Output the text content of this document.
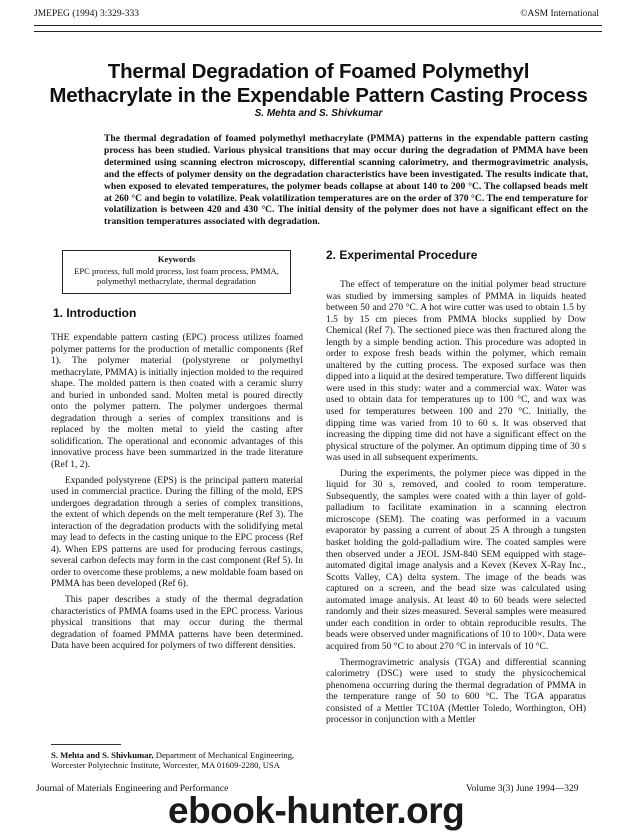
JMEPEG (1994) 3:329-333	©ASM International
Thermal Degradation of Foamed Polymethyl
Methacrylate in the Expendable Pattern Casting Process
S. Mehta and S. Shivkumar
The thermal degradation of foamed polymethyl methacrylate (PMMA) patterns in the expendable pattern casting process has been studied. Various physical transitions that may occur during the degradation of PMMA have been determined using scanning electron microscopy, differential scanning calorimetry, and thermogravimetric analysis, and the effects of polymer density on the degradation characteristics have been investigated. The results indicate that, when exposed to elevated temperatures, the polymer beads collapse at about 140 to 200 °C. The collapsed beads melt at 260 °C and begin to volatilize. Peak volatilization temperatures are on the order of 370 °C. The end temperature for volatilization is between 420 and 430 °C. The initial density of the polymer does not have a significant effect on the transition temperatures associated with degradation.
Keywords
EPC process, full mold process, lost foam process, PMMA, polymethyl methacrylate, thermal degradation
1. Introduction

THE expendable pattern casting (EPC) process utilizes foamed polymer patterns for the production of metallic components (Ref 1). The polymer material (polystyrene or polymethyl methacrylate, PMMA) is initially injection molded to the required shape. The molded pattern is then coated with a ceramic slurry and buried in unbonded sand. Molten metal is poured directly onto the polymer pattern. The polymer undergoes thermal degradation through a series of complex transitions and is replaced by the molten metal to yield the casting after solidification. The operational and economic advantages of this innovative process have been summarized in the trade literature (Ref 1, 2).

Expanded polystyrene (EPS) is the principal pattern material used in commercial practice. During the filling of the mold, EPS undergoes degradation through a series of complex transitions, the extent of which depends on the melt temperature (Ref 3). The interaction of the degradation products with the solidifying metal may lead to defects in the casting unique to the EPC process (Ref 4). When EPS patterns are used for producing ferrous castings, several carbon defects may form in the cast component (Ref 5). In order to overcome these problems, a new moldable foam based on PMMA has been developed (Ref 6).

This paper describes a study of the thermal degradation characteristics of PMMA foams used in the EPC process. Various physical transitions that may occur during the thermal degradation of foamed PMMA patterns have been determined. Data have been acquired for polymers of two different densities.

2. Experimental Procedure

The effect of temperature on the initial polymer bead structure was studied by immersing samples of PMMA in liquids heated between 50 and 270 °C. A hot wire cutter was used to obtain 1.5 by 1.5 by 15 cm pieces from PMMA blocks supplied by Dow Chemical (Ref 7). The sectioned piece was then fractured along the length by a simple bending action. This procedure was adopted in order to expose fresh beads within the polymer, which remain unaltered by the cutting process. The exposed surface was then dipped into a liquid at the desired temperature. Two different liquids were used in this study: water and a commercial wax. Water was used to obtain data for temperatures up to 100 °C, and wax was used for temperatures between 100 and 270 °C. Initially, the dipping time was varied from 10 to 60 s. It was observed that increasing the dipping time did not have a significant effect on the physical structure of the polymer. An optimum dipping time of 30 s was used in all subsequent experiments.

During the experiments, the polymer piece was dipped in the liquid for 30 s, removed, and cooled to room temperature. Subsequently, the samples were coated with a thin layer of gold-palladium to facilitate examination in a scanning electron microscope (SEM). The coating was performed in a vacuum evaporator by passing a current of about 25 A through a tungsten basket holding the gold-palladium wire. The coated samples were then observed under a JEOL JSM-840 SEM equipped with stage-automated digital image analysis and a Kevex (Kevex X-Ray Inc., Scotts Valley, CA) delta system. The image of the beads was captured on a screen, and the bead size was calculated using automated image analysis. At least 40 to 60 beads were selected randomly and their sizes measured. Several samples were measured under each condition in order to obtain reproducible results. The beads were observed under magnifications of 10 to 100×. Data were acquired from 50 °C to about 270 °C in intervals of 10 °C.

Thermogravimetric analysis (TGA) and differential scanning calorimetry (DSC) were used to study the physicochemical phenomena occurring during the thermal degradation of PMMA in the temperature range of 50 to 600 °C. The TGA apparatus consisted of a Mettler TC10A (Mettler Toledo, Worthington, OH) processor in conjunction with a Mettler

S. Mehta and S. Shivkumar, Department of Mechanical Engineering, Worcester Polytechnic Institute, Worcester, MA 01609-2280, USA
Journal of Materials Engineering and Performance	Volume 3(3) June 1994—329
ebook-hunter.org
